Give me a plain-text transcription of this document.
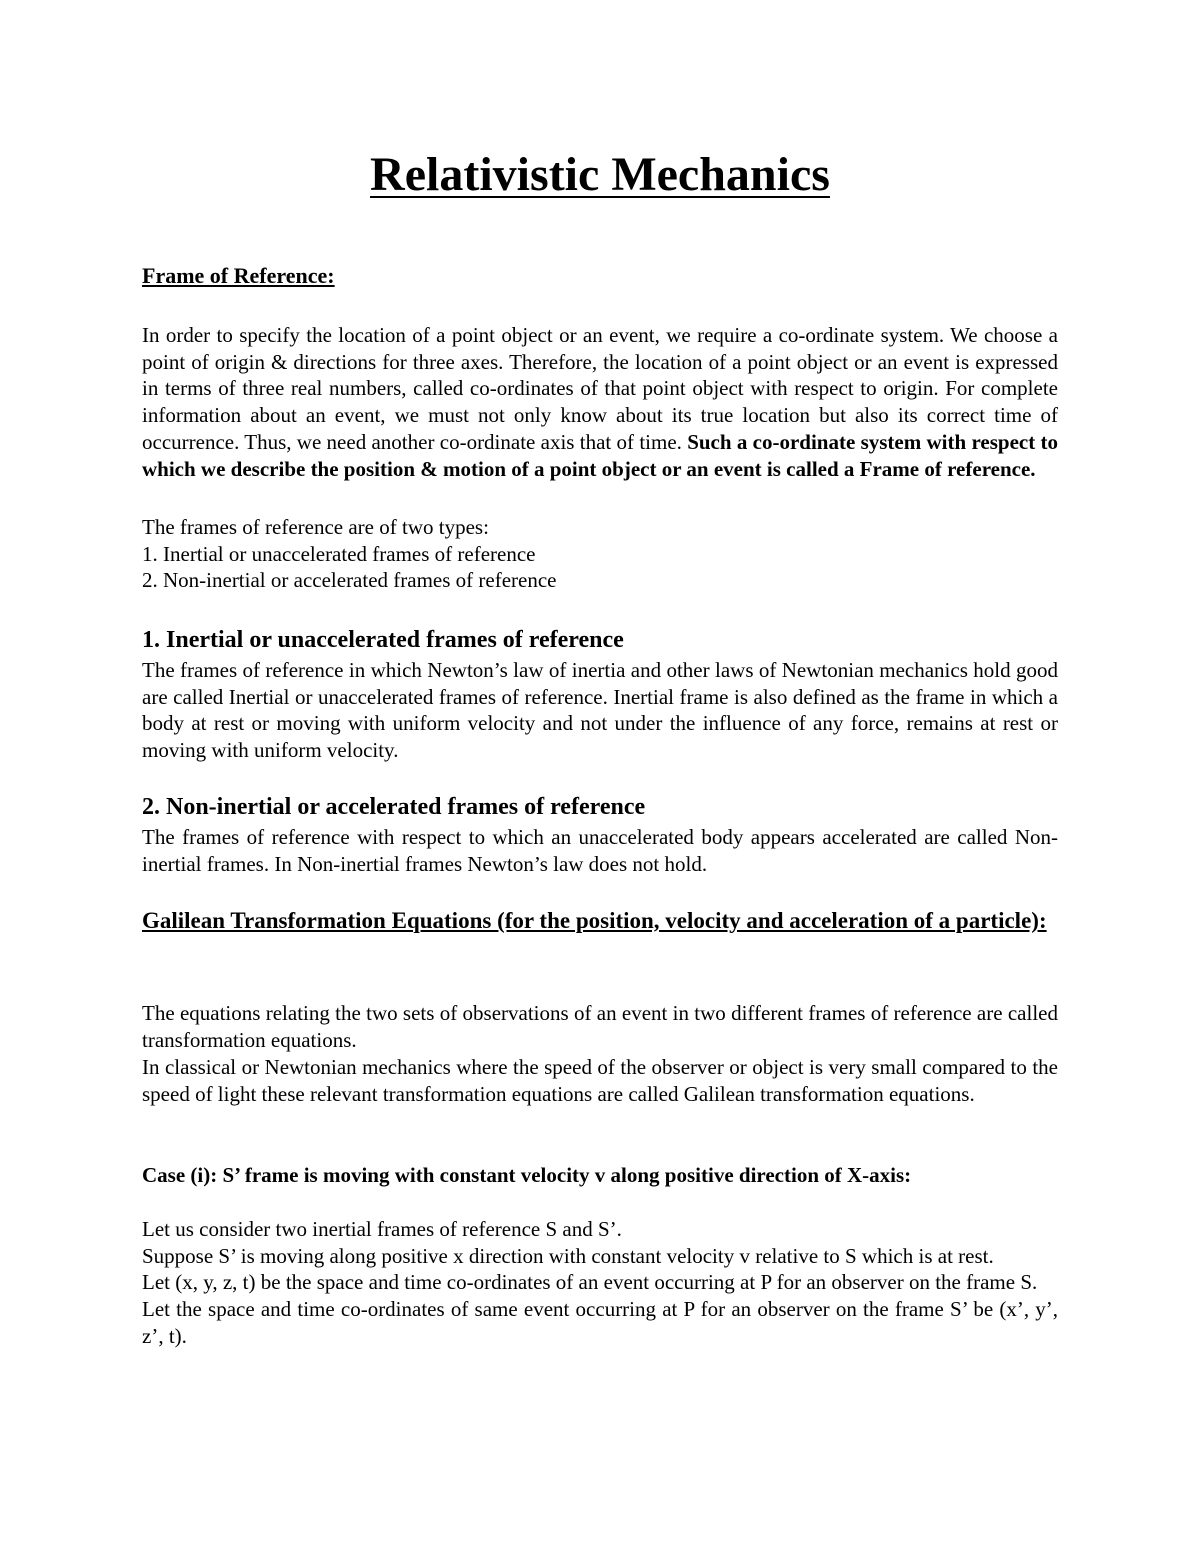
Relativistic Mechanics
Frame of Reference:

In order to specify the location of a point object or an event, we require a co-ordinate system. We choose a point of origin & directions for three axes. Therefore, the location of a point object or an event is expressed in terms of three real numbers, called co-ordinates of that point object with respect to origin. For complete information about an event, we must not only know about its true location but also its correct time of occurrence. Thus, we need another co-ordinate axis that of time. Such a co-ordinate system with respect to which we describe the position & motion of a point object or an event is called a Frame of reference.

The frames of reference are of two types:
1. Inertial or unaccelerated frames of reference
2. Non-inertial or accelerated frames of reference
1. Inertial or unaccelerated frames of reference

The frames of reference in which Newton’s law of inertia and other laws of Newtonian mechanics hold good are called Inertial or unaccelerated frames of reference. Inertial frame is also defined as the frame in which a body at rest or moving with uniform velocity and not under the influence of any force, remains at rest or moving with uniform velocity.

2. Non-inertial or accelerated frames of reference

The frames of reference with respect to which an unaccelerated body appears accelerated are called Non-inertial frames. In Non-inertial frames Newton’s law does not hold.

Galilean Transformation Equations (for the position, velocity and acceleration of a particle):

The equations relating the two sets of observations of an event in two different frames of reference are called transformation equations.

In classical or Newtonian mechanics where the speed of the observer or object is very small compared to the speed of light these relevant transformation equations are called Galilean transformation equations.

Case (i): S’ frame is moving with constant velocity v along positive direction of X-axis:
Let us consider two inertial frames of reference S and S’.
Suppose S’ is moving along positive x direction with constant velocity v relative to S which is at rest.
Let (x, y, z, t) be the space and time co-ordinates of an event occurring at P for an observer on the frame S.
Let the space and time co-ordinates of same event occurring at P for an observer on the frame S’ be (x’, y’, z’, t).
